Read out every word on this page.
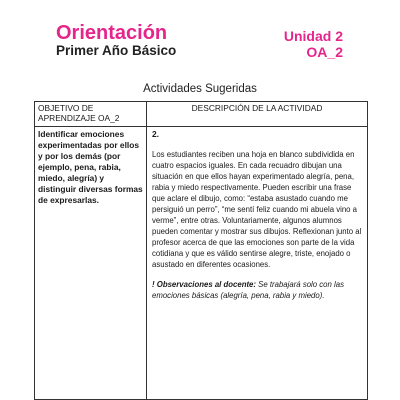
Orientación
Primer Año Básico
Unidad 2
OA_2
Actividades Sugeridas
OBJETIVO DE APRENDIZAJE OA_2	DESCRIPCIÓN DE LA ACTIVIDAD
Identificar emociones experimentadas por ellos y por los demás (por ejemplo, pena, rabia, miedo, alegría) y distinguir diversas formas de expresarlas.	2.
Los estudiantes reciben una hoja en blanco subdividida en cuatro espacios iguales. En cada recuadro dibujan una situación en que ellos hayan experimentado alegría, pena, rabia y miedo respectivamente. Pueden escribir una frase que aclare el dibujo, como: “estaba asustado cuando me persiguió un perro”, “me sentí feliz cuando mi abuela vino a verme”, entre otras. Voluntariamente, algunos alumnos pueden comentar y mostrar sus dibujos. Reflexionan junto al profesor acerca de que las emociones son parte de la vida cotidiana y que es válido sentirse alegre, triste, enojado o asustado en diferentes ocasiones.
! Observaciones al docente: Se trabajará solo con las emociones básicas (alegría, pena, rabia y miedo).
